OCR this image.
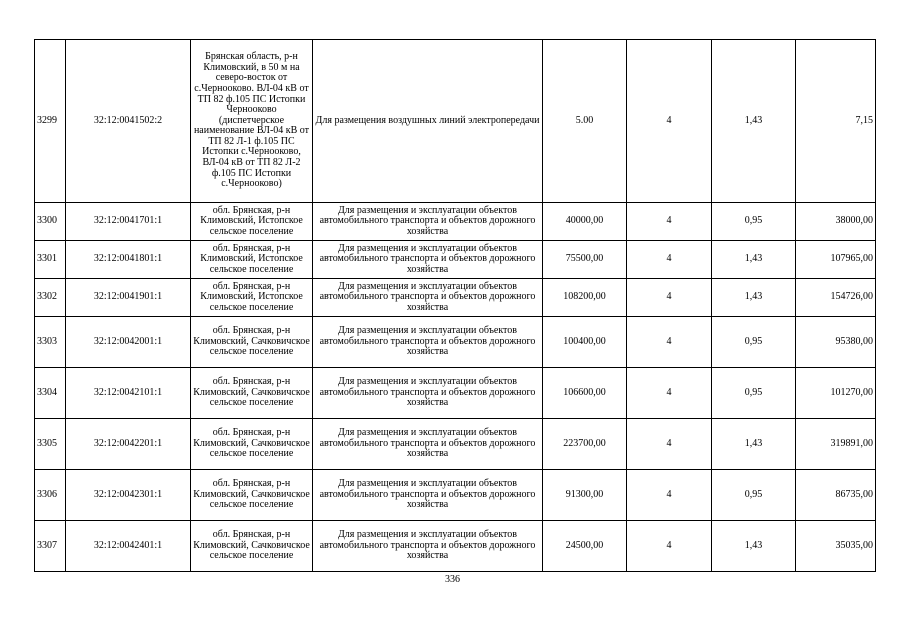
3299	32:12:0041502:2	Брянская область, р-н Климовский, в 50 м на северо-восток от с.Чернооково. ВЛ-04 кВ от ТП 82 ф.105 ПС Истопки Чернооково (диспетчерское наименование ВЛ-04 кВ от ТП 82 Л-1 ф.105 ПС Истопки с.Чернооково, ВЛ-04 кВ от ТП 82 Л-2 ф.105 ПС Истопки с.Чернооково)	Для размещения воздушных линий электропередачи	5.00	4	1,43	7,15
3300	32:12:0041701:1	обл. Брянская, р-н Климовский, Истопское сельское поселение	Для размещения и эксплуатации объектов автомобильного транспорта и объектов дорожного хозяйства	40000,00	4	0,95	38000,00
3301	32:12:0041801:1	обл. Брянская, р-н Климовский, Истопское сельское поселение	Для размещения и эксплуатации объектов автомобильного транспорта и объектов дорожного хозяйства	75500,00	4	1,43	107965,00
3302	32:12:0041901:1	обл. Брянская, р-н Климовский, Истопское сельское поселение	Для размещения и эксплуатации объектов автомобильного транспорта и объектов дорожного хозяйства	108200,00	4	1,43	154726,00
3303	32:12:0042001:1	обл. Брянская, р-н Климовский, Сачковичское сельское поселение	Для размещения и эксплуатации объектов автомобильного транспорта и объектов дорожного хозяйства	100400,00	4	0,95	95380,00
3304	32:12:0042101:1	обл. Брянская, р-н Климовский, Сачковичское сельское поселение	Для размещения и эксплуатации объектов автомобильного транспорта и объектов дорожного хозяйства	106600,00	4	0,95	101270,00
3305	32:12:0042201:1	обл. Брянская, р-н Климовский, Сачковичское сельское поселение	Для размещения и эксплуатации объектов автомобильного транспорта и объектов дорожного хозяйства	223700,00	4	1,43	319891,00
3306	32:12:0042301:1	обл. Брянская, р-н Климовский, Сачковичское сельское поселение	Для размещения и эксплуатации объектов автомобильного транспорта и объектов дорожного хозяйства	91300,00	4	0,95	86735,00
3307	32:12:0042401:1	обл. Брянская, р-н Климовский, Сачковичское сельское поселение	Для размещения и эксплуатации объектов автомобильного транспорта и объектов дорожного хозяйства	24500,00	4	1,43	35035,00
336
